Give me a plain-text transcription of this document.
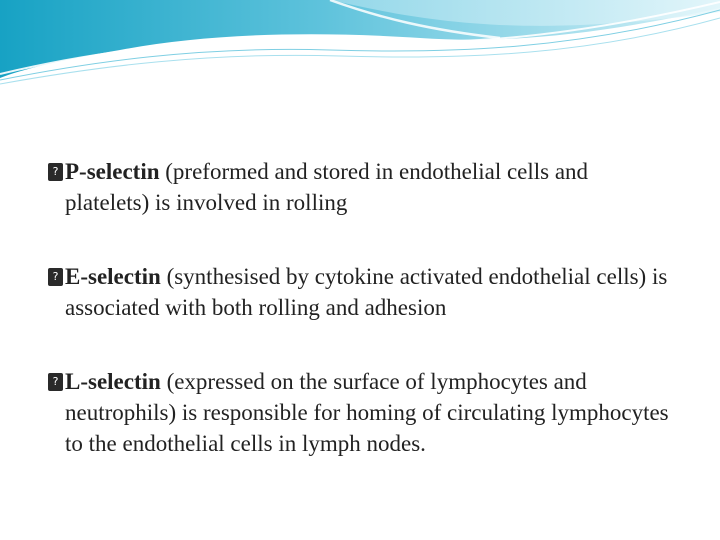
? P-selectin (preformed and stored in endothelial cells and platelets) is involved in rolling
? E-selectin (synthesised by cytokine activated endothelial cells) is associated with both rolling and adhesion
? L-selectin (expressed on the surface of lymphocytes and neutrophils) is responsible for homing of circulating lymphocytes to the endothelial cells in lymph nodes.
